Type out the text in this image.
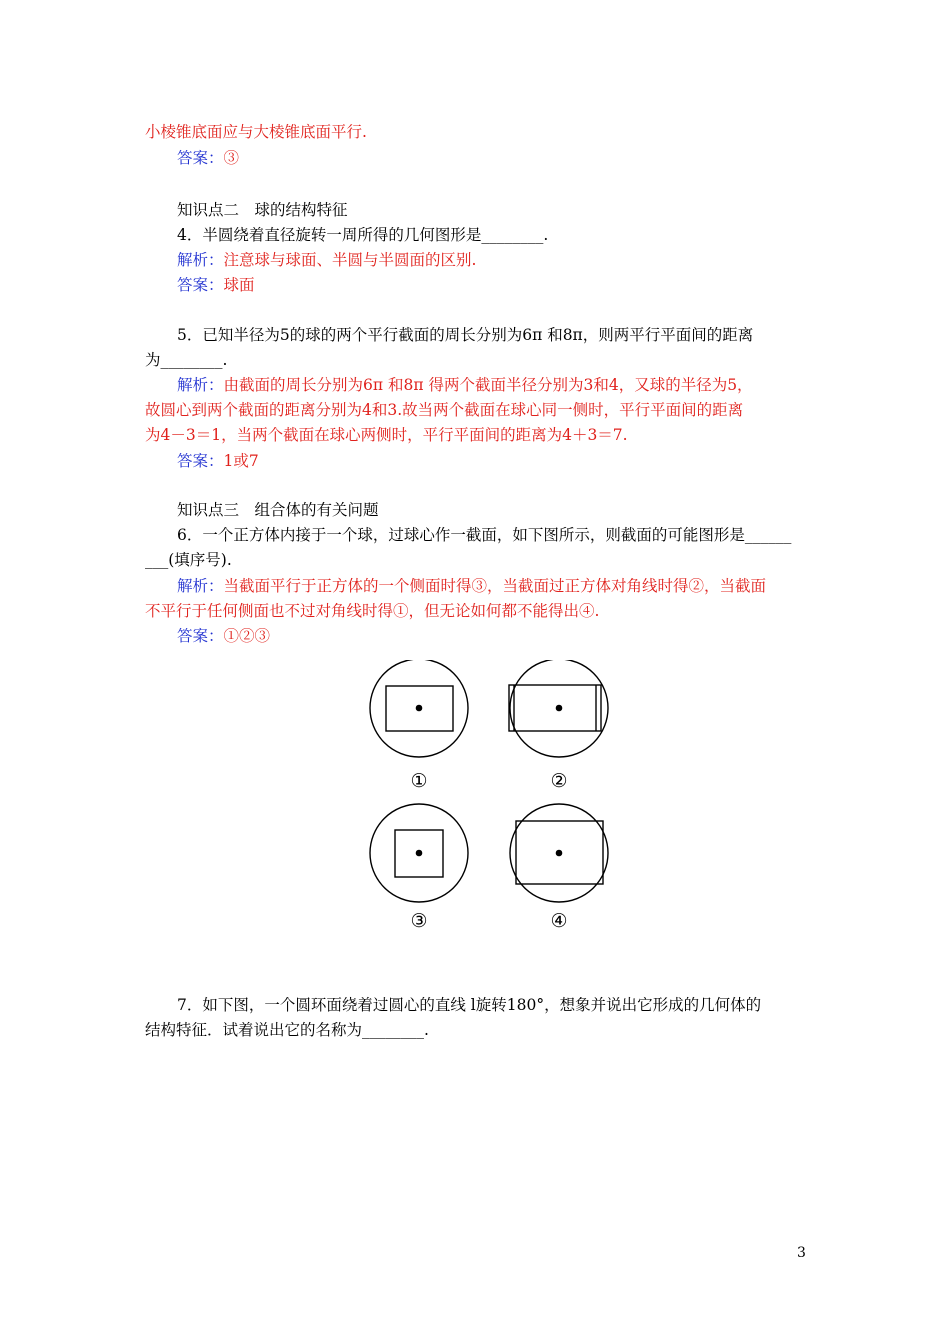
小棱锥底面应与大棱锥底面平行.
答案：③
知识点二　球的结构特征
4．半圆绕着直径旋转一周所得的几何图形是________.
解析：注意球与球面、半圆与半圆面的区别.
答案：球面
5．已知半径为5的球的两个平行截面的周长分别为6π 和8π，则两平行平面间的距离
为________.
解析：由截面的周长分别为6π 和8π 得两个截面半径分别为3和4，又球的半径为5，
故圆心到两个截面的距离分别为4和3.故当两个截面在球心同一侧时，平行平面间的距离
为4－3＝1，当两个截面在球心两侧时，平行平面间的距离为4＋3＝7.
答案：1或7
知识点三　组合体的有关问题
6．一个正方体内接于一个球，过球心作一截面，如下图所示，则截面的可能图形是______
___(填序号).
解析：当截面平行于正方体的一个侧面时得③，当截面过正方体对角线时得②，当截面
不平行于任何侧面也不过对角线时得①，但无论如何都不能得出④.
答案：①②③
①	②
③	④
7．如下图，一个圆环面绕着过圆心的直线 l旋转180°，想象并说出它形成的几何体的
结构特征．试着说出它的名称为________.
3
